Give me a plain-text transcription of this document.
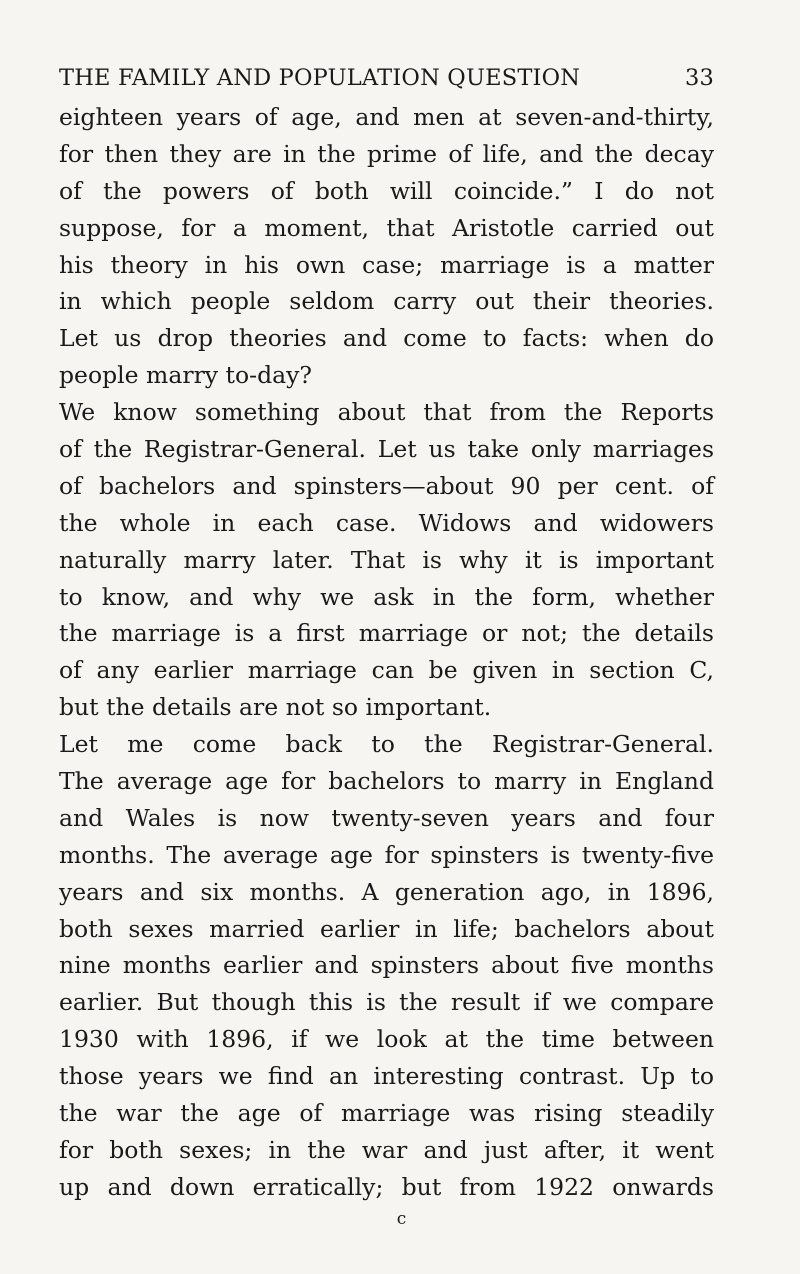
THE FAMILY AND POPULATION QUESTION	33
eighteen years of age, and men at seven-and-thirty,
for then they are in the prime of life, and the decay
of the powers of both will coincide.” I do not
suppose, for a moment, that Aristotle carried out
his theory in his own case; marriage is a matter
in which people seldom carry out their theories.
Let us drop theories and come to facts: when do
people marry to-day?
We know something about that from the Reports
of the Registrar-General. Let us take only marriages
of bachelors and spinsters—about 90 per cent. of
the whole in each case. Widows and widowers
naturally marry later. That is why it is important
to know, and why we ask in the form, whether
the marriage is a first marriage or not; the details
of any earlier marriage can be given in section C,
but the details are not so important.
Let me come back to the Registrar-General.
The average age for bachelors to marry in England
and Wales is now twenty-seven years and four
months. The average age for spinsters is twenty-five
years and six months. A generation ago, in 1896,
both sexes married earlier in life; bachelors about
nine months earlier and spinsters about five months
earlier. But though this is the result if we compare
1930 with 1896, if we look at the time between
those years we find an interesting contrast. Up to
the war the age of marriage was rising steadily
for both sexes; in the war and just after, it went
up and down erratically; but from 1922 onwards
c
